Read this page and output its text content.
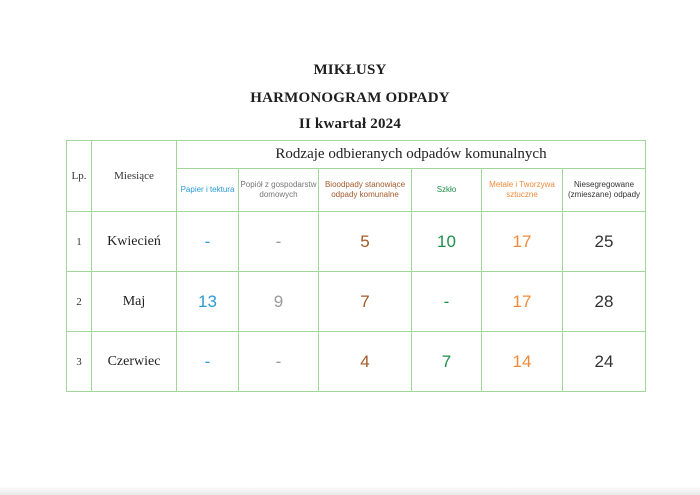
MIKŁUSY
HARMONOGRAM ODPADY
II kwartał 2024
Lp.	Miesiące	Rodzaje odbieranych odpadów komunalnych					
		Papier i tektura	Popiół z gospodarstw domowych	Bioodpady stanowiące odpady komunalne	Szkło	Metale i Tworzywa sztuczne	Niesegregowane (zmieszane) odpady
1	Kwiecień	-	-	5	10	17	25
2	Maj	13	9	7	-	17	28
3	Czerwiec	-	-	4	7	14	24
